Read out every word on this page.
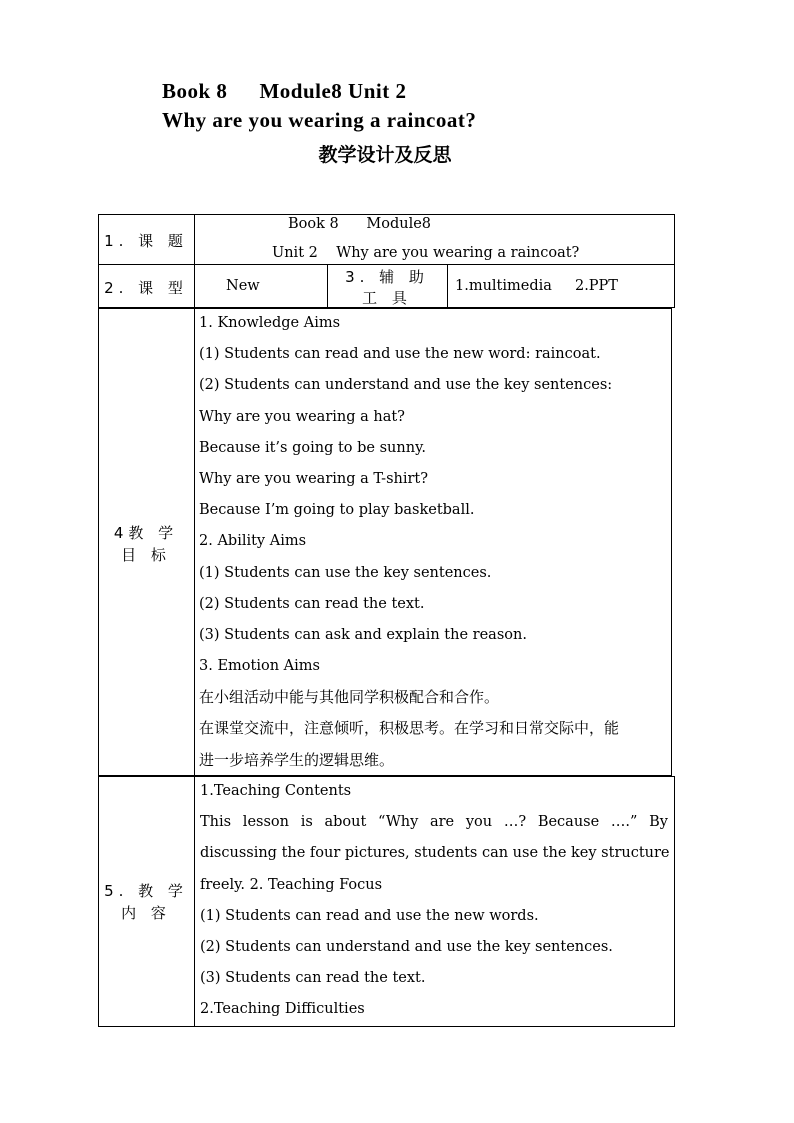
Book 8 Module8 Unit 2
Why are you wearing a raincoat?
教学设计及反思
1. 课 题
Book 8      Module8
Unit 2    Why are you wearing a raincoat?
2. 课 型	New	3. 辅 助
工 具
1.multimedia     2.PPT
4教 学
目 标
1. Knowledge Aims
(1) Students can read and use the new word: raincoat.
(2) Students can understand and use the key sentences:
Why are you wearing a hat?
Because it’s going to be sunny.
Why are you wearing a T-shirt?
Because I’m going to play basketball.
2. Ability Aims
(1) Students can use the key sentences.
(2) Students can read the text.
(3) Students can ask and explain the reason.
3. Emotion Aims
在小组活动中能与其他同学积极配合和合作。
在课堂交流中，注意倾听，积极思考。在学习和日常交际中，能
进一步培养学生的逻辑思维。
5. 教 学
内 容
1.Teaching Contents
This lesson is about “Why are you …? Because ….” By
discussing the four pictures, students can use the key structure
freely. 2. Teaching Focus
(1) Students can read and use the new words.
(2) Students can understand and use the key sentences.
(3) Students can read the text.
2.Teaching Difficulties
